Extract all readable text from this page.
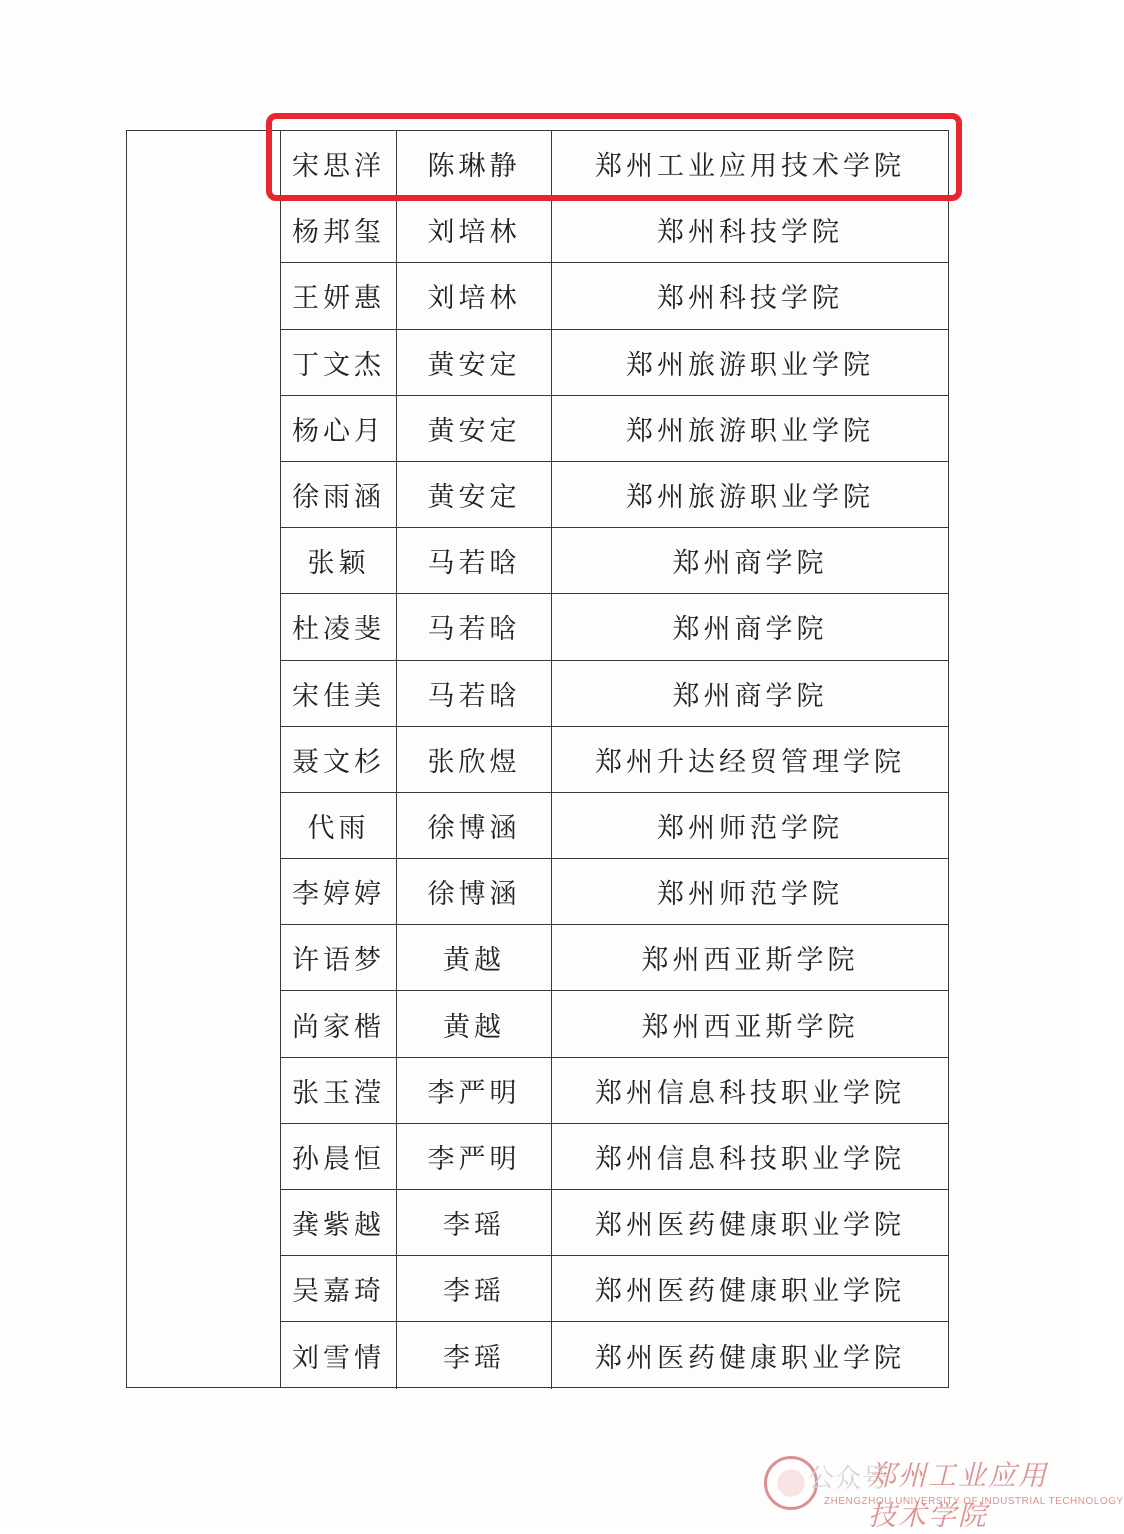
宋思洋	陈琳静	郑州工业应用技术学院
杨邦玺	刘培林	郑州科技学院
王妍惠	刘培林	郑州科技学院
丁文杰	黄安定	郑州旅游职业学院
杨心月	黄安定	郑州旅游职业学院
徐雨涵	黄安定	郑州旅游职业学院
张颖	马若晗	郑州商学院
杜凌斐	马若晗	郑州商学院
宋佳美	马若晗	郑州商学院
聂文杉	张欣煜	郑州升达经贸管理学院
代雨	徐博涵	郑州师范学院
李婷婷	徐博涵	郑州师范学院
许语梦	黄越	郑州西亚斯学院
尚家楷	黄越	郑州西亚斯学院
张玉滢	李严明	郑州信息科技职业学院
孙晨恒	李严明	郑州信息科技职业学院
龚紫越	李瑶	郑州医药健康职业学院
吴嘉琦	李瑶	郑州医药健康职业学院
刘雪情	李瑶	郑州医药健康职业学院
公众号
郑州工业应用技术学院
ZHENGZHOU UNIVERSITY OF INDUSTRIAL TECHNOLOGY
